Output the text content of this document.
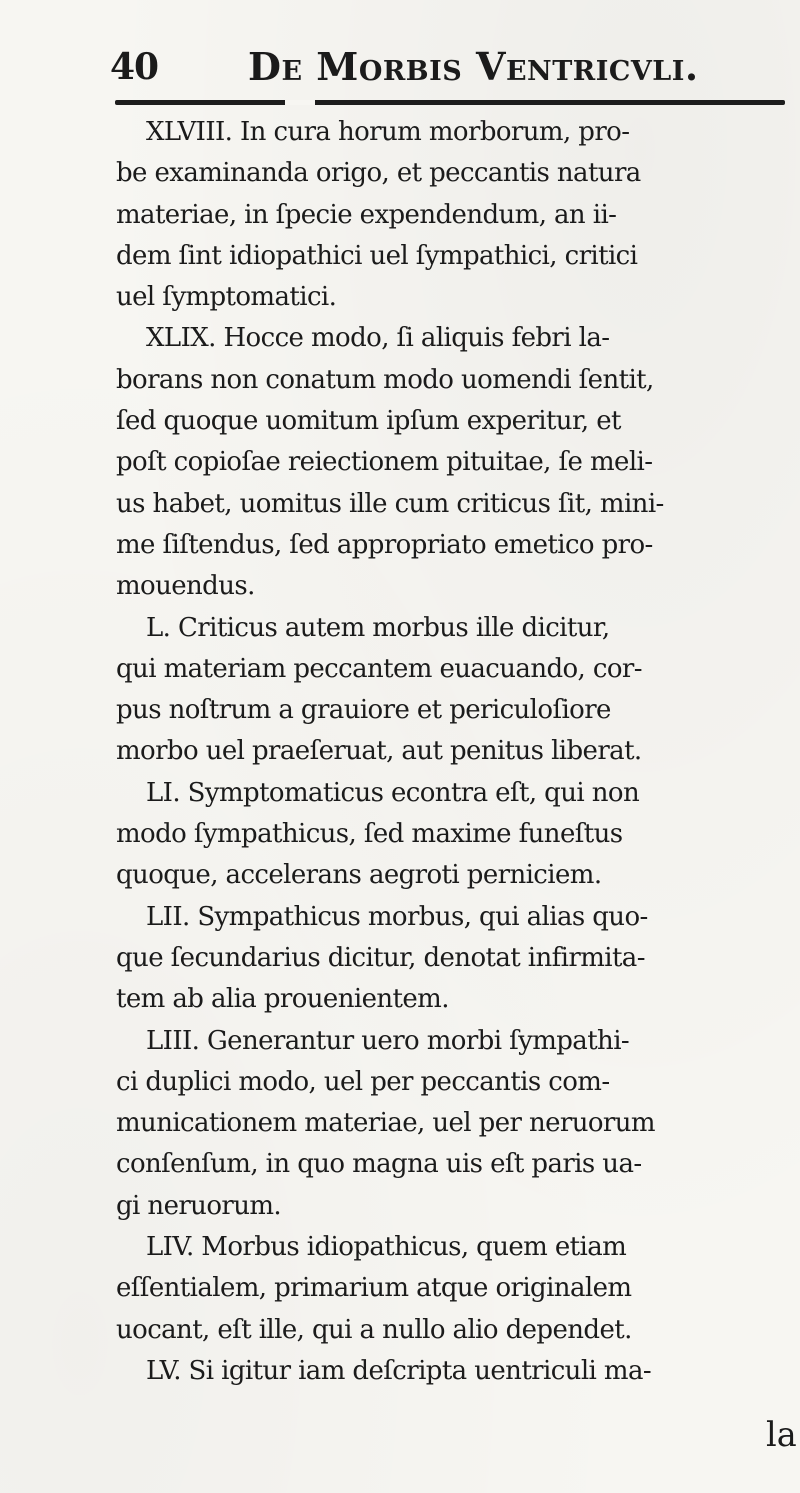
40 De Morbis Ventricvli.
XLVIII. In cura horum morborum, pro-
be examinanda origo, et peccantis natura
materiae, in ſpecie expendendum, an ii-
dem ſint idiopathici uel ſympathici, critici
uel ſymptomatici.
XLIX. Hocce modo, ſi aliquis febri la-
borans non conatum modo uomendi ſentit,
ſed quoque uomitum ipſum experitur, et
poſt copioſae reiectionem pituitae, ſe meli-
us habet, uomitus ille cum criticus ſit, mini-
me ſiſtendus, ſed appropriato emetico pro-
mouendus.
L. Criticus autem morbus ille dicitur,
qui materiam peccantem euacuando, cor-
pus noſtrum a grauiore et periculoſiore
morbo uel praeſeruat, aut penitus liberat.
LI. Symptomaticus econtra eſt, qui non
modo ſympathicus, ſed maxime funeſtus
quoque, accelerans aegroti perniciem.
LII. Sympathicus morbus, qui alias quo-
que ſecundarius dicitur, denotat infirmita-
tem ab alia prouenientem.
LIII. Generantur uero morbi ſympathi-
ci duplici modo, uel per peccantis com-
municationem materiae, uel per neruorum
conſenſum, in quo magna uis eſt paris ua-
gi neruorum.
LIV. Morbus idiopathicus, quem etiam
eſſentialem, primarium atque originalem
uocant, eſt ille, qui a nullo alio dependet.
LV. Si igitur iam deſcripta uentriculi ma-
la
